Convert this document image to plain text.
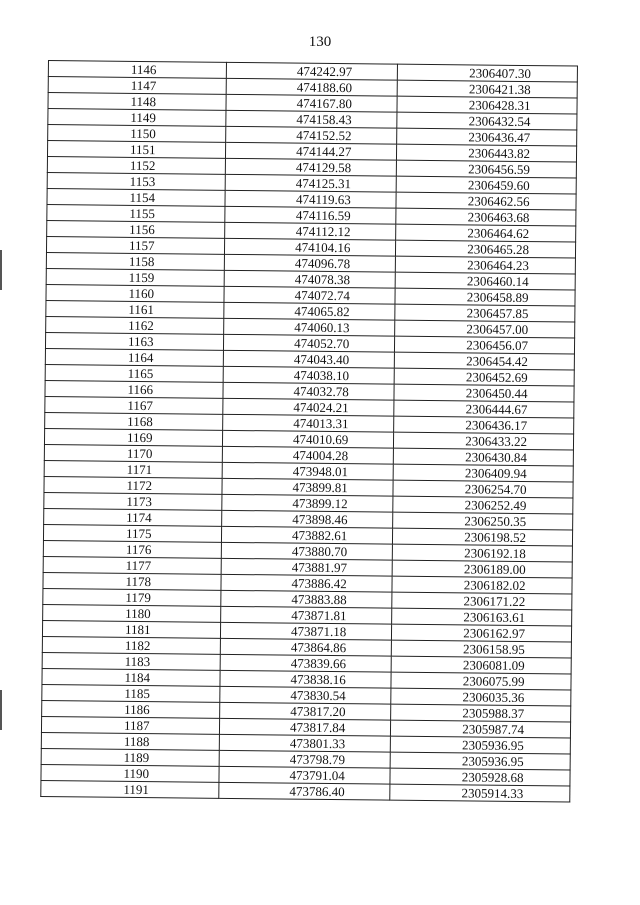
130
1146	474242.97	2306407.30
1147	474188.60	2306421.38
1148	474167.80	2306428.31
1149	474158.43	2306432.54
1150	474152.52	2306436.47
1151	474144.27	2306443.82
1152	474129.58	2306456.59
1153	474125.31	2306459.60
1154	474119.63	2306462.56
1155	474116.59	2306463.68
1156	474112.12	2306464.62
1157	474104.16	2306465.28
1158	474096.78	2306464.23
1159	474078.38	2306460.14
1160	474072.74	2306458.89
1161	474065.82	2306457.85
1162	474060.13	2306457.00
1163	474052.70	2306456.07
1164	474043.40	2306454.42
1165	474038.10	2306452.69
1166	474032.78	2306450.44
1167	474024.21	2306444.67
1168	474013.31	2306436.17
1169	474010.69	2306433.22
1170	474004.28	2306430.84
1171	473948.01	2306409.94
1172	473899.81	2306254.70
1173	473899.12	2306252.49
1174	473898.46	2306250.35
1175	473882.61	2306198.52
1176	473880.70	2306192.18
1177	473881.97	2306189.00
1178	473886.42	2306182.02
1179	473883.88	2306171.22
1180	473871.81	2306163.61
1181	473871.18	2306162.97
1182	473864.86	2306158.95
1183	473839.66	2306081.09
1184	473838.16	2306075.99
1185	473830.54	2306035.36
1186	473817.20	2305988.37
1187	473817.84	2305987.74
1188	473801.33	2305936.95
1189	473798.79	2305936.95
1190	473791.04	2305928.68
1191	473786.40	2305914.33
